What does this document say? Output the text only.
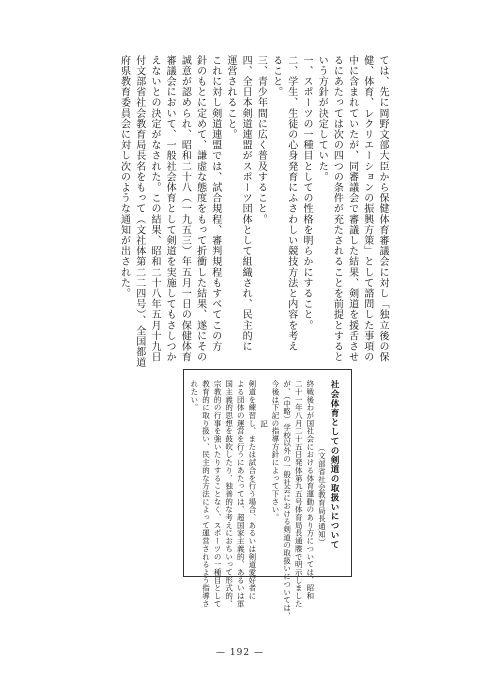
ては、先に岡野文部大臣から保健体育審議会に対し「独立後の保
健、体育、レクリエーションの振興方策」として諮問した事項の
中に含まれていたが、同審議会で審議した結果、剣道を援舌させ
るにあたっては次の四つの条件が充たされることを前提とすると
いう方針が決定していた。
一、スポーツの一種目としての性格を明らかにすること。
二、学生、生徒の心身発育にふさわしい競技方法と内容を考え
ること。
三、青少年間に広く普及すること。
四、全日本剣道連盟がスポーツ団体として組織され、民主的に
運営されること。
これに対し剣道連盟では、試合規程、審判規程もすべてこの方
針のもとに定めて、謙虚な態度をもって折衝した結果、遂にその
誠意が認められ、昭和二十八（一九五三）年五月一日の保健体育
審議会において、一般社会体育として剣道を実施してもさしつか
えないとの決定がなされた。この結果、昭和二十八年五月十九日
付文部省社会教育局長名をもって（文社体第二二四号）、全国都道
府県教育委員会に対し次のような通知が出された。
社会体育としての剣道の取扱いについて
（文部省社会教育局長通知）
終戦後わが国社会における体育運動のあり方については、昭和
二十一年八月二十五日発体第九五号体育局長通牒で明示しました
が、（中略）学校以外の一般社会における剣道の取扱いについては、
今後は下記の指導方針によって下さい。
記
剣道を練習し、または試合を行う場合、あるいは剣道愛好者に
よる団体の運営を行うにあたっては、超国家主義的、あるいは軍
国主義的思想を鼓吹したり、独善的な考えにおちいって形式的、
宗教的の行事を強いたりすることなく、スポーツの一種目として
教育的に取り扱い、民主的な方法によって運営されるよう指導さ
れたい。
— 192 —
